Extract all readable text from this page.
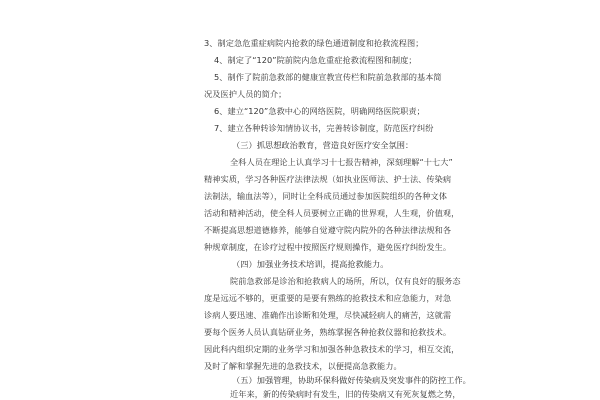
3、制定急危重症病院内抢救的绿色通道制度和抢救流程图；
4、制定了“120”院前院内急危重症抢救流程图和制度；
5、制作了院前急救部的健康宣教宣传栏和院前急救部的基本简
况及医护人员的简介；
6、建立“120”急救中心的网络医院，明确网络医院职责；
7、建立各种转诊知情协议书，完善转诊制度，防范医疗纠纷
（三）抓思想政治教育，营造良好医疗安全氛围：
全科人员在理论上认真学习十七报告精神，深刻理解“十七大”
精神实质，学习各种医疗法律法规（如执业医师法、护士法、传染病
法制法，输血法等），同时让全科成员通过参加医院组织的各种文体
活动和精神活动，使全科人员要树立正确的世界观，人生观，价值观，
不断提高思想道德修养，能够自觉遵守院内院外的各种法律法规和各
种规章制度，在诊疗过程中按照医疗规则操作，避免医疗纠纷发生。
（四）加强业务技术培训，提高抢救能力。
院前急救部是诊治和抢救病人的场所，所以，仅有良好的服务态
度是远远不够的，更重要的是要有熟练的抢救技术和应急能力，对急
诊病人要迅速、准确作出诊断和处理，尽快减轻病人的痛苦，这就需
要每个医务人员认真钻研业务，熟练掌握各种抢救仪器和抢救技术。
因此科内组织定期的业务学习和加强各种急救技术的学习，相互交流，
及时了解和掌握先进的急救技术，以便提高急救能力。
（五）加强管理，协助环保科做好传染病及突发事件的防控工作。
近年来，新的传染病时有发生，旧的传染病又有死灰复燃之势，
